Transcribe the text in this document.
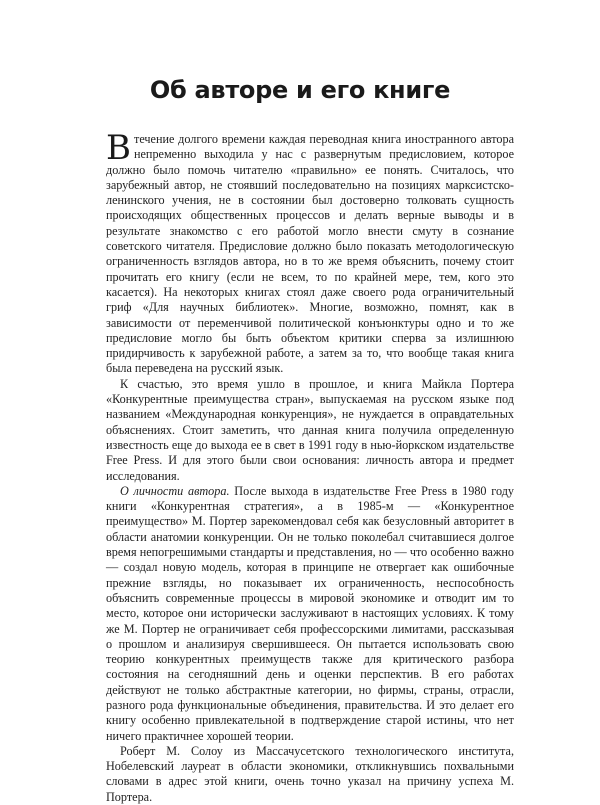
Об авторе и его книге

Втечение долгого времени каждая переводная книга иностранного автора непременно выходила у нас с развернутым предисловием, которое должно было помочь читателю «правильно» ее понять. Считалось, что зарубежный автор, не стоявший последовательно на позициях марксистско-ленинского учения, не в состоянии был достоверно толковать сущность происходящих общественных процессов и делать верные выводы и в результате знакомство с его работой могло внести смуту в сознание советского читателя. Предисловие должно было показать методологическую ограниченность взглядов автора, но в то же время объяснить, почему стоит прочитать его книгу (если не всем, то по крайней мере, тем, кого это касается). На некоторых книгах стоял даже своего рода ограничительный гриф «Для научных библиотек». Многие, возможно, помнят, как в зависимости от переменчивой политической конъюнктуры одно и то же предисловие могло бы быть объектом критики сперва за излишнюю придирчивость к зарубежной работе, а затем за то, что вообще такая книга была переведена на русский язык.

К счастью, это время ушло в прошлое, и книга Майкла Портера «Конкурентные преимущества стран», выпускаемая на русском языке под названием «Международная конкуренция», не нуждается в оправдательных объяснениях. Стоит заметить, что данная книга получила определенную известность еще до выхода ее в свет в 1991 году в нью-йоркском издательстве Free Press. И для этого были свои основания: личность автора и предмет исследования.

О личности автора. После выхода в издательстве Free Press в 1980 году книги «Конкурентная стратегия», а в 1985-м — «Конкурентное преимущество» М. Портер зарекомендовал себя как безусловный авторитет в области анатомии конкуренции. Он не только поколебал считавшиеся долгое время непогрешимыми стандарты и представления, но — что особенно важно — создал новую модель, которая в принципе не отвергает как ошибочные прежние взгляды, но показывает их ограниченность, неспособность объяснить современные процессы в мировой экономике и отводит им то место, которое они исторически заслуживают в настоящих условиях. К тому же М. Портер не ограничивает себя профессорскими лимитами, рассказывая о прошлом и анализируя свершившееся. Он пытается использовать свою теорию конкурентных преимуществ также для критического разбора состояния на сегодняшний день и оценки перспектив. В его работах действуют не только абстрактные категории, но фирмы, страны, отрасли, разного рода функциональные объединения, правительства. И это делает его книгу особенно привлекательной в подтверждение старой истины, что нет ничего практичнее хорошей теории.

Роберт М. Солоу из Массачусетского технологического института, Нобелевский лауреат в области экономики, откликнувшись похвальными словами в адрес этой книги, очень точно указал на причину успеха М. Портера.
